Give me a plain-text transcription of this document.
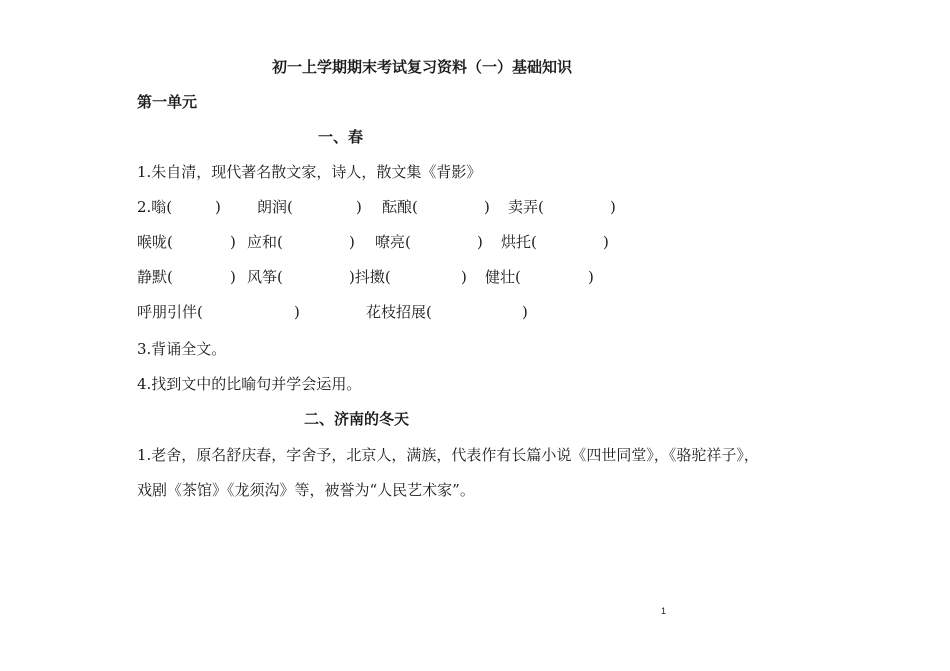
初一上学期期末考试复习资料（一）基础知识
第一单元
一、春
1.朱自清，现代著名散文家，诗人，散文集《背影》
2.嗡(	) 朗润(	) 酝酿(	) 卖弄(	)
喉咙(	) 应和(	) 嘹亮(	) 烘托(	)
静默(	) 风筝(	)抖擞(	) 健壮(	)
呼朋引伴(	)	花枝招展(	)
3.背诵全文。
4.找到文中的比喻句并学会运用。
二、济南的冬天
1.老舍，原名舒庆春，字舍予，北京人，满族，代表作有长篇小说《四世同堂》，《骆驼祥子》，
戏剧《茶馆》《龙须沟》等，被誉为“人民艺术家”。
1
